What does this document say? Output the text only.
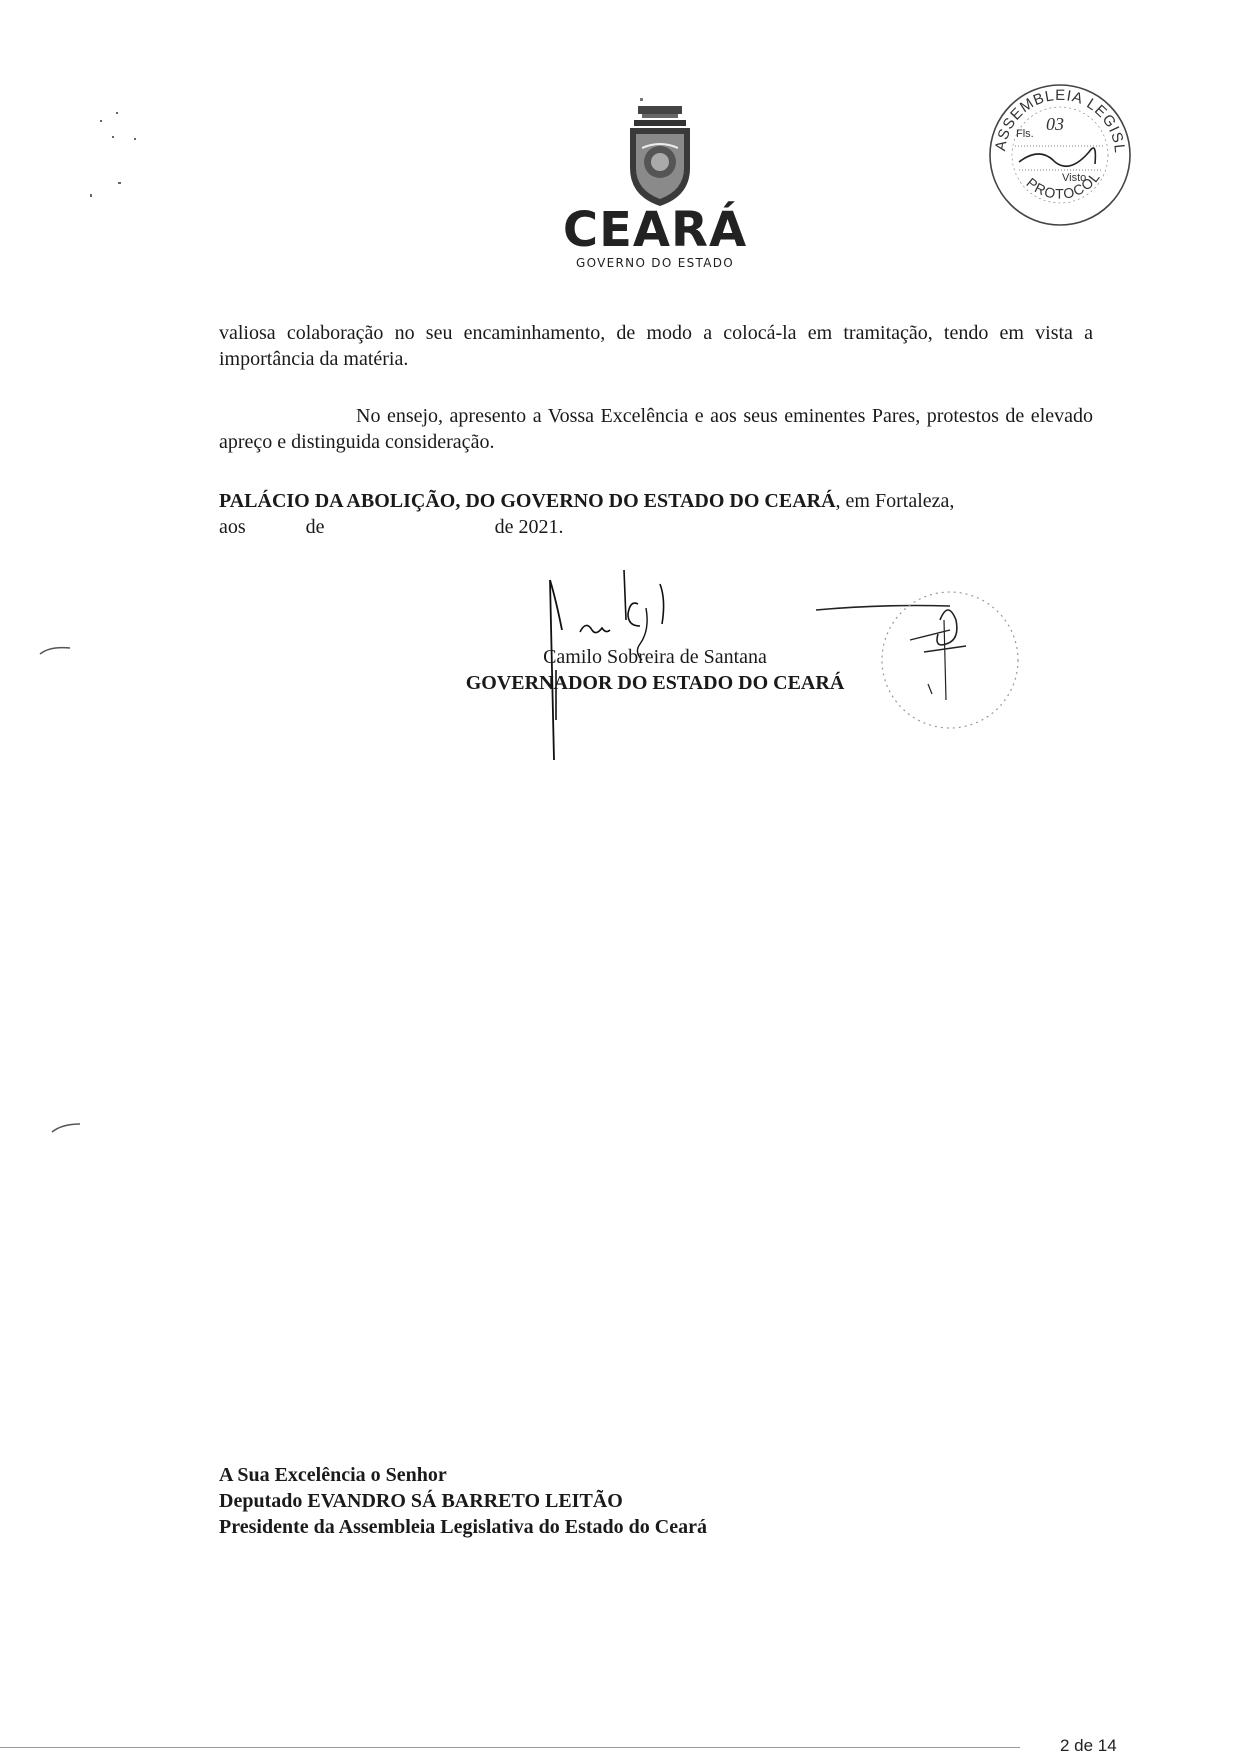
CEARÁ
GOVERNO DO ESTADO
ASSEMBLEIA LEGISL
PROTOCOL
03
Fls.
Visto
valiosa colaboração no seu encaminhamento, de modo a colocá-la em tramitação, tendo em vista a importância da matéria.
No ensejo, apresento a Vossa Excelência e aos seus eminentes Pares, protestos de elevado apreço e distinguida consideração.
PALÁCIO DA ABOLIÇÃO, DO GOVERNO DO ESTADO DO CEARÁ, em Fortaleza,
aos	de	de 2021.
Camilo Sobreira de Santana
GOVERNADOR DO ESTADO DO CEARÁ
A Sua Excelência o Senhor
Deputado EVANDRO SÁ BARRETO LEITÃO
Presidente da Assembleia Legislativa do Estado do Ceará
2 de 14
